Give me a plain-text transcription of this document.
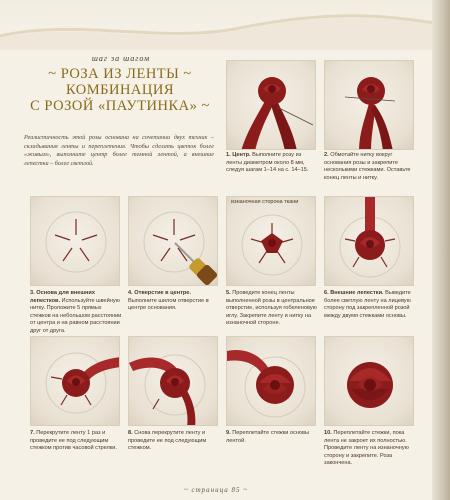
шаг за шагом
~ РОЗА ИЗ ЛЕНТЫ ~
КОМБИНАЦИЯ
С РОЗОЙ «ПАУТИНКА» ~
Реалистичность этой розы основана на сочетании двух техник – складывания ленты и переплетения. Чтобы сделать цветок более «живым», выполните центр более темной лентой, а внешние лепестки – более светлой.
1. Центр. Выполните розу из ленты диаметром около 8 мм, следуя шагам 1–14 на с. 14–15.
2. Обмотайте нитку вокруг основания розы и закрепите несколькими стежками. Оставьте конец ленты и нитку.
изнаночная сторона ткани
3. Основа для внешних лепестков. Используйте швейную нитку. Проложите 5 прямых стежков на небольшом расстоянии от центра и на равном расстоянии друг от друга.
4. Отверстие в центре. Выполните шилом отверстие в центре основания.
5. Проведите конец ленты выполненной розы в центральное отверстие, используя гобеленовую иглу. Закрепите ленту и нитку на изнаночной стороне.
6. Внешние лепестки. Выведите более светлую ленту на лицевую сторону под закрепленной розой между двумя стежками основы.
7. Перекрутите ленту 1 раз и проведите ее под следующим стежком против часовой стрелки.
8. Снова перекрутите ленту и проведите ее под следующим стежком.
9. Переплетайте стежки основы лентой.
10. Переплетайте стежки, пока лента не закроет их полностью. Проведите ленту на изнаночную сторону и закрепите. Роза закончена.
~ страница 85 ~
